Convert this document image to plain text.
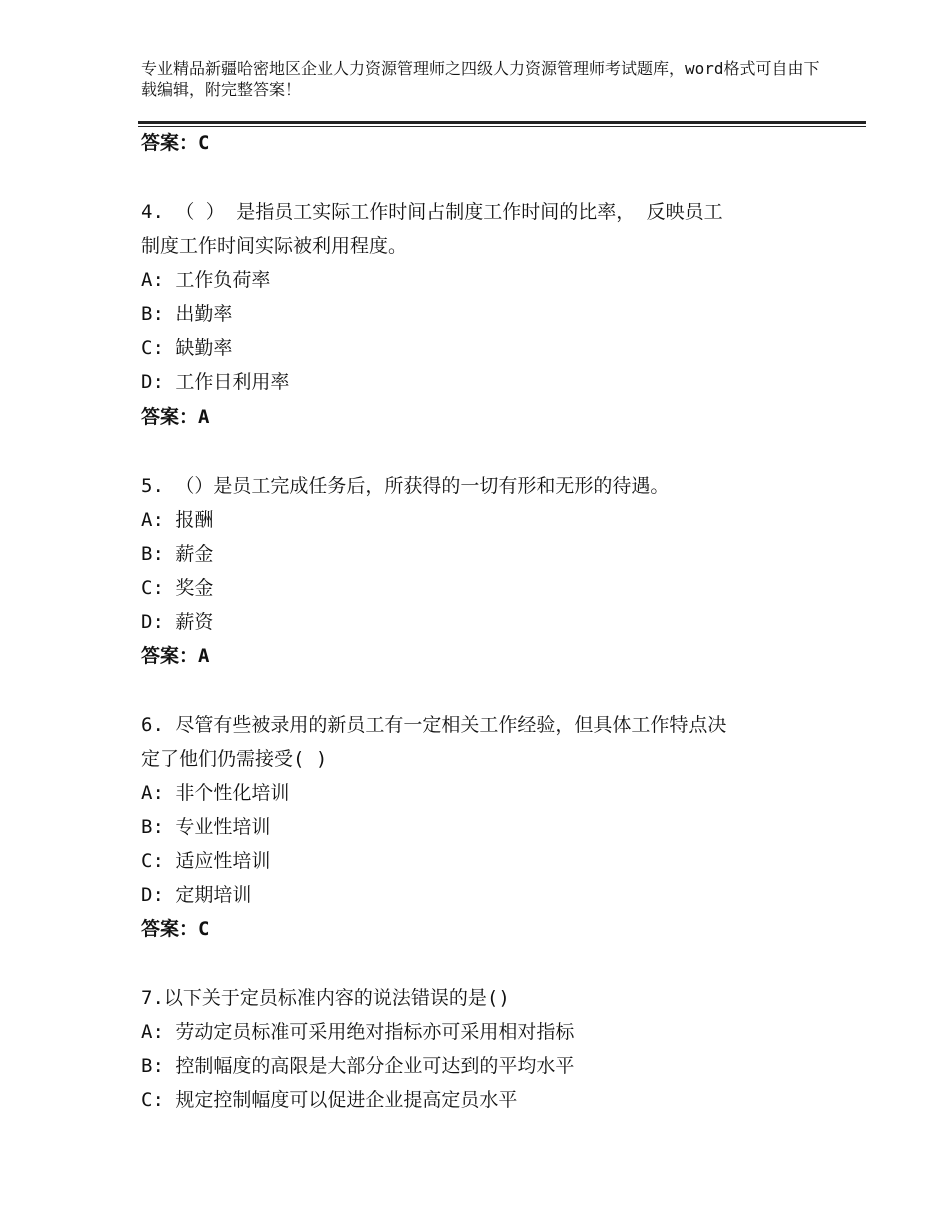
专业精品新疆哈密地区企业人力资源管理师之四级人力资源管理师考试题库，word格式可自由下载编辑，附完整答案！
答案：C
4. （ ） 是指员工实际工作时间占制度工作时间的比率， 反映员工
制度工作时间实际被利用程度。
A: 工作负荷率
B: 出勤率
C: 缺勤率
D: 工作日利用率
答案：A
5. （）是员工完成任务后，所获得的一切有形和无形的待遇。
A: 报酬
B: 薪金
C: 奖金
D: 薪资
答案：A
6. 尽管有些被录用的新员工有一定相关工作经验，但具体工作特点决
定了他们仍需接受( )
A: 非个性化培训
B: 专业性培训
C: 适应性培训
D: 定期培训
答案：C
7.以下关于定员标准内容的说法错误的是()
A: 劳动定员标准可采用绝对指标亦可采用相对指标
B: 控制幅度的高限是大部分企业可达到的平均水平
C: 规定控制幅度可以促进企业提高定员水平
